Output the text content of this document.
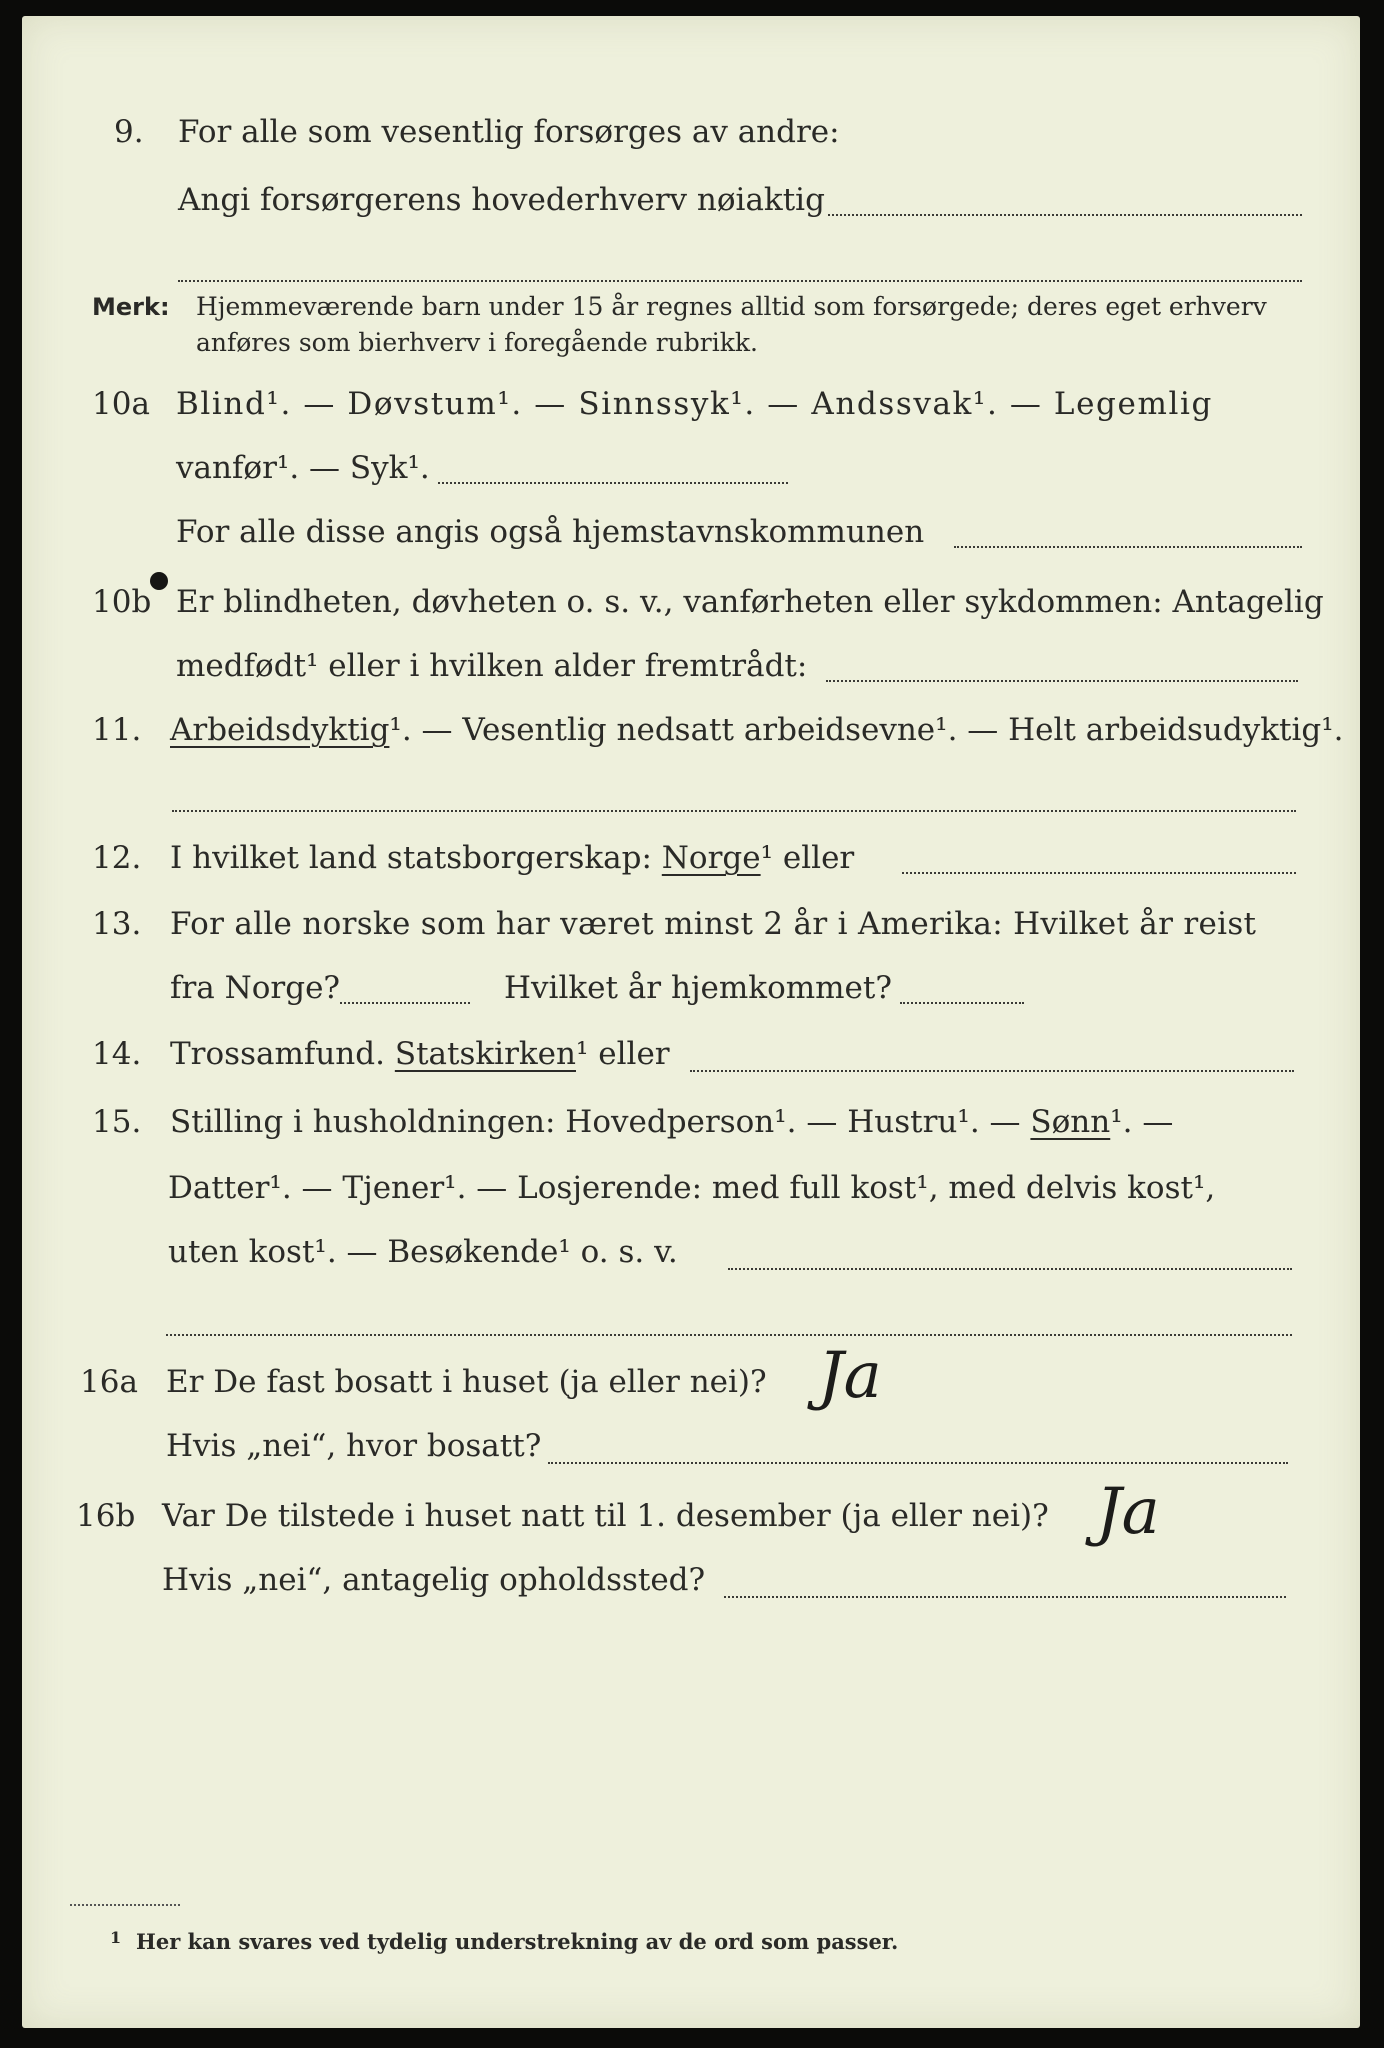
9.	For alle som vesentlig forsørges av andre:
Angi forsørgerens hovederhverv nøiaktig
Merk: Hjemmeværende barn under 15 år regnes alltid som forsørgede; deres eget erhverv
anføres som bierhverv i foregående rubrikk.
10a Blind¹. — Døvstum¹. — Sinnssyk¹. — Andssvak¹. — Legemlig
vanfør¹. — Syk¹.
For alle disse angis også hjemstavnskommunen
10b Er blindheten, døvheten o. s. v., vanførheten eller sykdommen: Antagelig
medfødt¹ eller i hvilken alder fremtrådt:
11. Arbeidsdyktig¹. — Vesentlig nedsatt arbeidsevne¹. — Helt arbeidsudyktig¹.
12. I hvilket land statsborgerskap: Norge¹ eller
13. For alle norske som har været minst 2 år i Amerika: Hvilket år reist
fra Norge?	Hvilket år hjemkommet?
14. Trossamfund. Statskirken¹ eller
15. Stilling i husholdningen: Hovedperson¹. — Hustru¹. — Sønn¹. —
Datter¹. — Tjener¹. — Losjerende: med full kost¹, med delvis kost¹,
uten kost¹. — Besøkende¹ o. s. v.
16a Er De fast bosatt i huset (ja eller nei)? Ja
Hvis „nei“, hvor bosatt?
16b Var De tilstede i huset natt til 1. desember (ja eller nei)? Ja
Hvis „nei“, antagelig opholdssted?
1 Her kan svares ved tydelig understrekning av de ord som passer.
